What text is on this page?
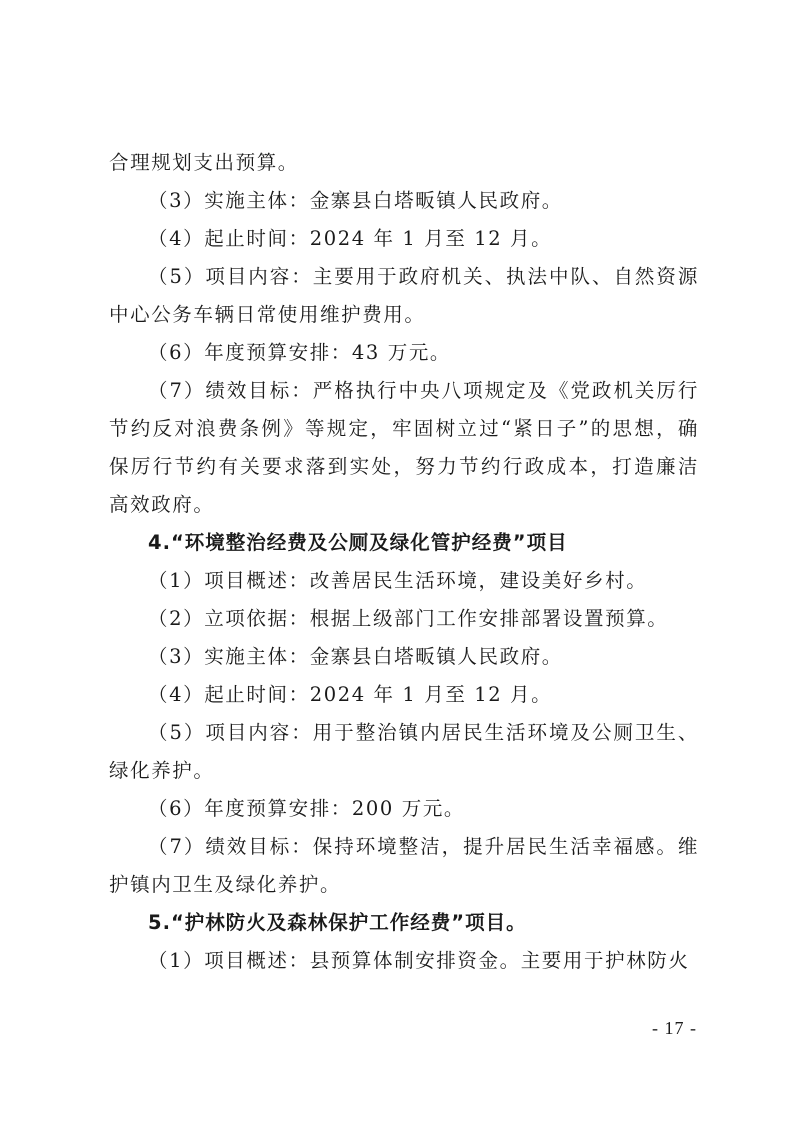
合理规划支出预算。

（3）实施主体：金寨县白塔畈镇人民政府。

（4）起止时间：2024 年 1 月至 12 月。

（5）项目内容：主要用于政府机关、执法中队、自然资源中心公务车辆日常使用维护费用。

（6）年度预算安排：43 万元。

（7）绩效目标：严格执行中央八项规定及《党政机关厉行节约反对浪费条例》等规定，牢固树立过“紧日子”的思想，确保厉行节约有关要求落到实处，努力节约行政成本，打造廉洁高效政府。

4.“环境整治经费及公厕及绿化管护经费”项目

（1）项目概述：改善居民生活环境，建设美好乡村。

（2）立项依据：根据上级部门工作安排部署设置预算。

（3）实施主体：金寨县白塔畈镇人民政府。

（4）起止时间：2024 年 1 月至 12 月。

（5）项目内容：用于整治镇内居民生活环境及公厕卫生、绿化养护。

（6）年度预算安排：200 万元。

（7）绩效目标：保持环境整洁，提升居民生活幸福感。维护镇内卫生及绿化养护。

5.“护林防火及森林保护工作经费”项目。

（1）项目概述：县预算体制安排资金。主要用于护林防火

- 17 -
